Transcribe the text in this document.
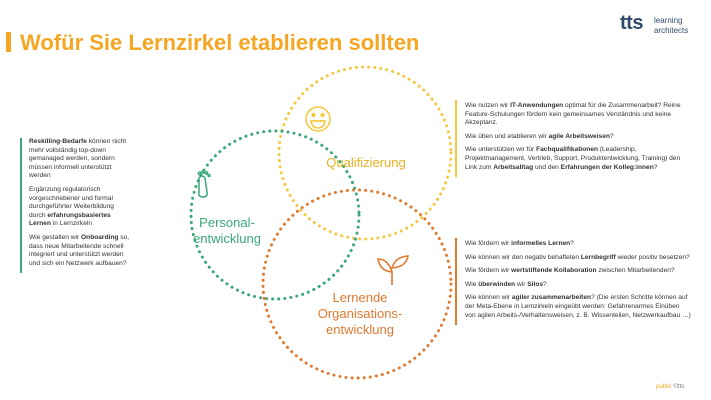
Wofür Sie Lernzirkel etablieren sollten
tts learning
architects
Qualifizierung
Personal-
entwicklung
Lernende
Organisations-
entwicklung

Reskilling-Bedarfe können nicht mehr vollständig top-down gemanaged werden, sondern müssen informell unterstützt werden

Ergänzung regulatorisch vorgeschriebener und formal durchgeführter Weiterbildung durch erfahrungsbasiertes Lernen in Lernzirkeln

Wie gestalten wir Onboarding so, dass neue Mitarbeitende schnell integriert und unterstützt werden und sich ein Netzwerk aufbauen?

Wie nutzen wir IT-Anwendungen optimal für die Zusammenarbeit? Reine Feature-Schulungen fördern kein gemeinsames Verständnis und keine Akzeptanz.

Wie üben und etablieren wir agile Arbeitsweisen?

Wie unterstützen wir für Fachqualifikationen (Leadership, Projektmanagement, Vertrieb, Support, Produktentwicklung, Training) den Link zum Arbeitsalltag und den Erfahrungen der Kolleg:innen?

Wie fördern wir informelles Lernen?

Wie können wir den negativ behafteten Lernbegriff wieder positiv besetzen?

Wie fördern wir wertstiftende Kollaboration zwischen Mitarbeitenden?

Wie überwinden wir Silos?

Wie können wir agiler zusammenarbeiten? (Die ersten Schritte können auf der Meta-Ebene in Lernzirkeln eingeübt werden: Gefahrenarmes Einüben von agilen Arbeits-/Verhaltensweisen, z. B. Wissenteilen, Netzwerkaufbau …)

public ©tts
